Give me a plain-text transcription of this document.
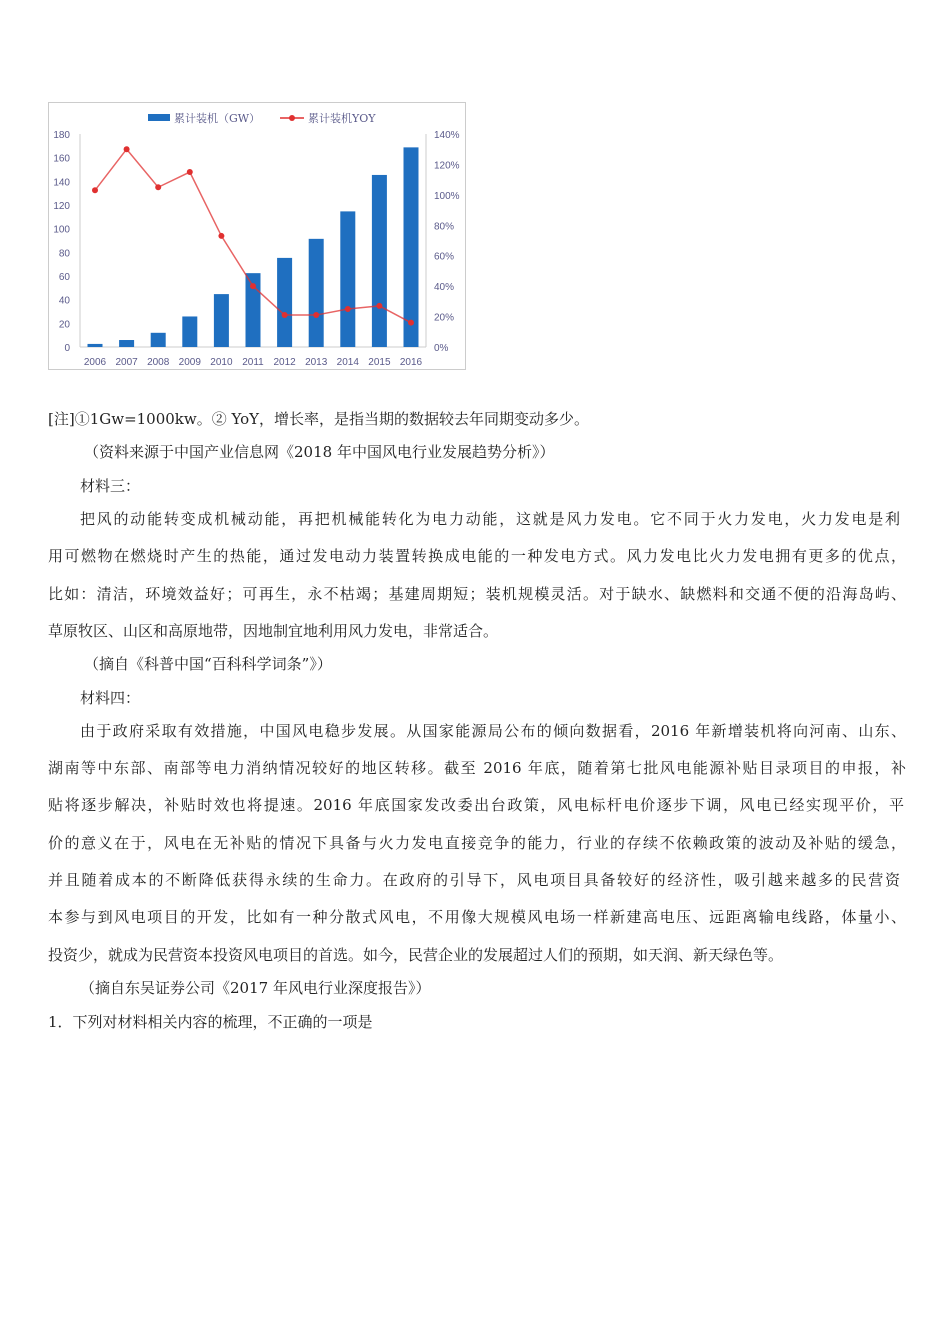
0
20
40
60
80
100
120
140
160
180
0%
20%
40%
60%
80%
100%
120%
140%
2006 2007 2008 2009 2010 2011 2012 2013 2014 2015 2016
累计装机（GW）	累计装机YOY
[注]①1Gw=1000kw。② YoY，增长率，是指当期的数据较去年同期变动多少。
（资料来源于中国产业信息网《2018 年中国风电行业发展趋势分析》）
材料三：
把风的动能转变成机械动能，再把机械能转化为电力动能，这就是风力发电。它不同于火力发电，火力发电是利
用可燃物在燃烧时产生的热能，通过发电动力装置转换成电能的一种发电方式。风力发电比火力发电拥有更多的优点，
比如：清洁，环境效益好；可再生，永不枯竭；基建周期短；装机规模灵活。对于缺水、缺燃料和交通不便的沿海岛屿、
草原牧区、山区和高原地带，因地制宜地利用风力发电，非常适合。
（摘自《科普中国“百科科学词条”》）
材料四：
由于政府采取有效措施，中国风电稳步发展。从国家能源局公布的倾向数据看，2016 年新增装机将向河南、山东、
湖南等中东部、南部等电力消纳情况较好的地区转移。截至 2016 年底，随着第七批风电能源补贴目录项目的申报，补
贴将逐步解决，补贴时效也将提速。2016 年底国家发改委出台政策，风电标杆电价逐步下调，风电已经实现平价，平
价的意义在于，风电在无补贴的情况下具备与火力发电直接竞争的能力，行业的存续不依赖政策的波动及补贴的缓急，
并且随着成本的不断降低获得永续的生命力。在政府的引导下，风电项目具备较好的经济性，吸引越来越多的民营资
本参与到风电项目的开发，比如有一种分散式风电，不用像大规模风电场一样新建高电压、远距离输电线路，体量小、
投资少，就成为民营资本投资风电项目的首选。如今，民营企业的发展超过人们的预期，如天润、新天绿色等。
（摘自东吴证券公司《2017 年风电行业深度报告》）
1．下列对材料相关内容的梳理，不正确的一项是
